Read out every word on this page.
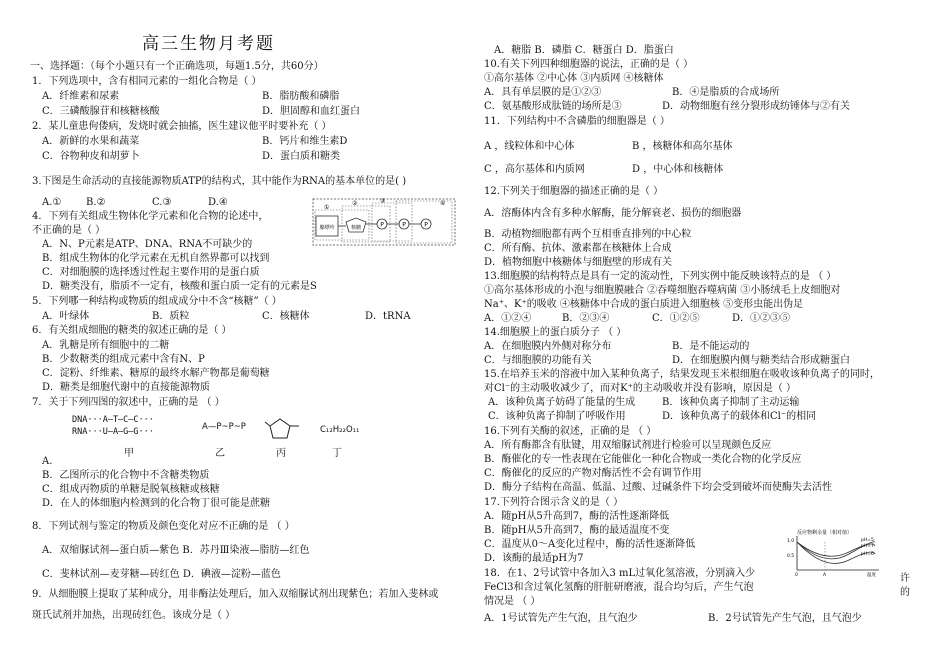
高三生物月考题
一、选择题：（每个小题只有一个正确选项，每题1.5分，共60分）
1．下列选项中，含有相同元素的一组化合物是（ ）
A．纤维素和尿素	B．脂肪酸和磷脂
C．三磷酸腺苷和核糖核酸	D．胆固醇和血红蛋白
2．某儿童患佝偻病，发烧时就会抽搐，医生建议他平时要补充（ ）
A．新鲜的水果和蔬菜	B．钙片和维生素D
C．谷物种皮和胡萝卜	D．蛋白质和糖类
3.下图是生命活动的直接能源物质ATP的结构式，其中能作为RNA的基本单位的是( )
A.① B.②	C.③	D.④
4．下列有关组成生物体化学元素和化合物的论述中，
不正确的是（ ）
A．N、P元素是ATP、DNA、RNA不可缺少的
B．组成生物体的化学元素在无机自然界都可以找到
C．对细胞膜的选择透过性起主要作用的是蛋白质
D．糖类没有，脂质不一定有，核酸和蛋白质一定有的元素是S
5．下列哪一种结构或物质的组成成分中不含“核糖”（ ）
A．叶绿体	B．质粒	C．核糖体	D．tRNA
6．有关组成细胞的糖类的叙述正确的是（ ）
A．乳糖是所有细胞中的二糖
B．少数糖类的组成元素中含有N、P
C．淀粉、纤维素、糖原的最终水解产物都是葡萄糖
D．糖类是细胞代谢中的直接能源物质
7．关于下列四图的叙述中，正确的是 （ ）
A.
B．乙图所示的化合物中不含糖类物质
C．组成丙物质的单糖是脱氧核糖或核糖
D．在人的体细胞内检测到的化合物丁很可能是蔗糖
8．下列试剂与鉴定的物质及颜色变化对应不正确的是 （ ）
A．双缩脲试剂—蛋白质—紫色 B．苏丹Ⅲ染液—脂肪—红色
C．斐林试剂—麦芽糖—砖红色 D．碘液—淀粉—蓝色
9．从细胞膜上提取了某种成分，用非酶法处理后，加入双缩脲试剂出现紫色；若加入斐林或
斑氏试剂并加热，出现砖红色。该成分是（ ）
腺嘌呤	核糖	P	P	P
①
②	③	④
DNA···A—T—C—C···
RNA···U—A—G—G···
甲
A—P~P~P
乙	丙
C₁₂H₂₂O₁₁
丁
A．糖脂 B．磷脂 C．糖蛋白 D．脂蛋白
10.有关下列四种细胞器的说法，正确的是（ ）
①高尔基体 ②中心体 ③内质网 ④核糖体
A．具有单层膜的是①②③	B．④是脂质的合成场所
C．氨基酸形成肽链的场所是③	D．动物细胞有丝分裂形成纺锤体与②有关
11．下列结构中不含磷脂的细胞器是（ ）
A ，线粒体和中心体	B ，核糖体和高尔基体
C ，高尔基体和内质网	D ，中心体和核糖体
12.下列关于细胞器的描述正确的是（ ）
A．溶酶体内含有多种水解酶，能分解衰老、损伤的细胞器
B．动植物细胞都有两个互相垂直排列的中心粒
C．所有酶、抗体、激素都在核糖体上合成
D．植物细胞中核糖体与细胞壁的形成有关
13.细胞膜的结构特点是具有一定的流动性，下列实例中能反映该特点的是 （ ）
①高尔基体形成的小泡与细胞膜融合 ②吞噬细胞吞噬病菌 ③小肠绒毛上皮细胞对
Na⁺、K⁺的吸收 ④核糖体中合成的蛋白质进入细胞核 ⑤变形虫能出伪足
A．①②④	B．②③④	C．①②⑤	D．①②③⑤
14.细胞膜上的蛋白质分子 （ ）
A．在细胞膜内外侧对称分布	B．是不能运动的
C．与细胞膜的功能有关	D．在细胞膜内侧与糖类结合形成糖蛋白
15.在培养玉米的溶液中加入某种负离子，结果发现玉米根细胞在吸收该种负离子的同时，
对Cl⁻的主动吸收减少了，而对K⁺的主动吸收并没有影响，原因是（ ）
A．该种负离子妨碍了能量的生成	B．该种负离子抑制了主动运输
C．该种负离子抑制了呼吸作用	D．该种负离子的载体和Cl⁻的相同
16.下列有关酶的叙述，正确的是 （ ）
A．所有酶都含有肽键，用双缩脲试剂进行检验可以呈现颜色反应
B．酶催化的专一性表现在它能催化一种化合物或一类化合物的化学反应
C．酶催化的反应的产物对酶活性不会有调节作用
D．酶分子结构在高温、低温、过酸、过碱条件下均会受到破坏而使酶失去活性
17.下列符合图示含义的是（ ）
A．随pH从5升高到7，酶的活性逐渐降低
B．随pH从5升高到7，酶的最适温度不变
C．温度从0～A变化过程中，酶的活性逐渐降低
D．该酶的最适pH为7
18．在1、2号试管中各加入3 mL过氧化氢溶液，分别滴入少
FeCl3和含过氧化氢酶的肝脏研磨液，混合均匀后，产生气泡
情况是 （ ）
许
的
A．1号试管先产生气泡，且气泡少	B．2号试管先产生气泡，且气泡少
反应物剩余量（相对值）
1.0
0.5
pH=5
pH=7
pH=6
0	A	温度
